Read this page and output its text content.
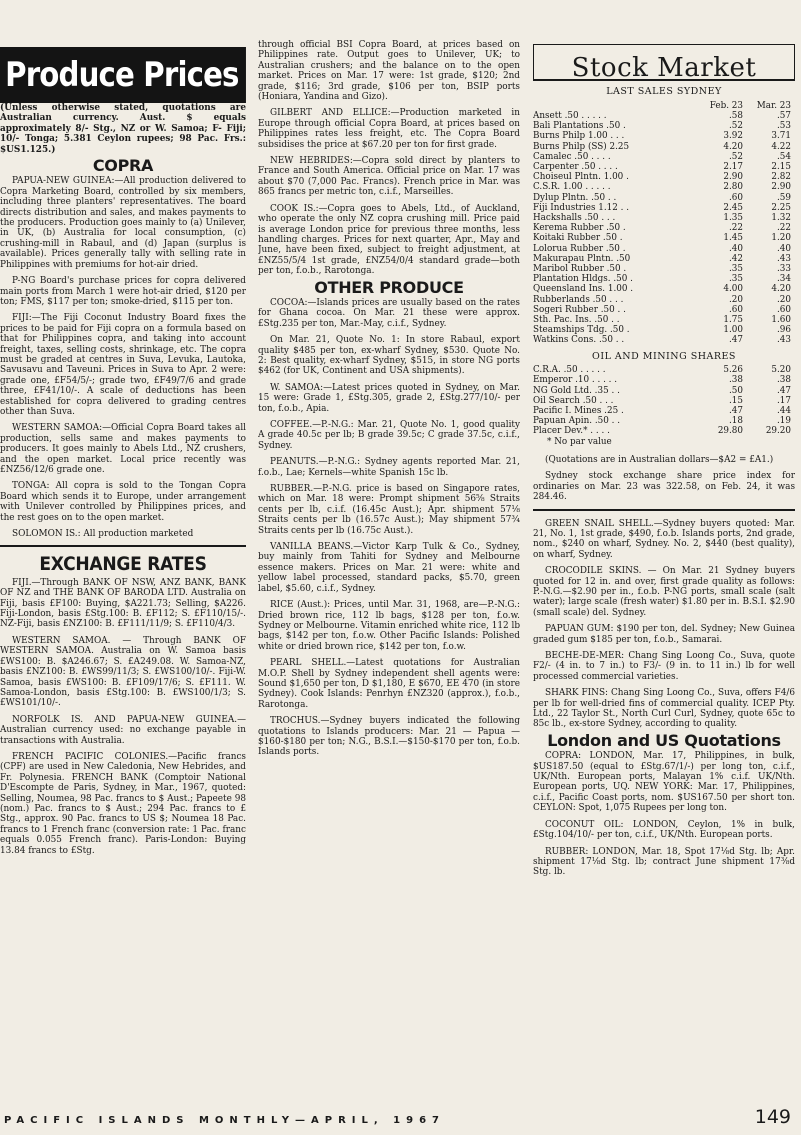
Produce Prices
(Unless otherwise stated, quotations are Australian currency. Aust. $ equals approximately 8/- Stg., NZ or W. Samoa; F- Fiji; 10/- Tonga; 5.381 Ceylon rupees; 98 Pac. Frs.: $US1.125.)
COPRA

PAPUA-NEW GUINEA:—All production delivered to Copra Marketing Board, controlled by six members, including three planters' representatives. The board directs distribution and sales, and makes payments to the producers. Production goes mainly to (a) Unilever, in UK, (b) Australia for local consumption, (c) crushing-mill in Rabaul, and (d) Japan (surplus is available). Prices generally tally with selling rate in Philippines with premiums for hot-air dried.

P-NG Board's purchase prices for copra delivered main ports from March 1 were hot-air dried, $120 per ton; FMS, $117 per ton; smoke-dried, $115 per ton.

FIJI:—The Fiji Coconut Industry Board fixes the prices to be paid for Fiji copra on a formula based on that for Philippines copra, and taking into account freight, taxes, selling costs, shrinkage, etc. The copra must be graded at centres in Suva, Levuka, Lautoka, Savusavu and Taveuni. Prices in Suva to Apr. 2 were: grade one, £F54/5/-; grade two, £F49/7/6 and grade three, £F41/10/-. A scale of deductions has been established for copra delivered to grading centres other than Suva.

WESTERN SAMOA:—Official Copra Board takes all production, sells same and makes payments to producers. It goes mainly to Abels Ltd., NZ crushers, and the open market. Local price recently was £NZ56/12/6 grade one.

TONGA: All copra is sold to the Tongan Copra Board which sends it to Europe, under arrangement with Unilever controlled by Philippines prices, and the rest goes on to the open market.

SOLOMON IS.: All production marketed

EXCHANGE RATES

FIJI.—Through BANK OF NSW, ANZ BANK, BANK OF NZ and THE BANK OF BARODA LTD. Australia on Fiji, basis £F100: Buying, $A221.73; Selling, $A226. Fiji-London, basis £Stg.100: B. £F112; S. £F110/15/-. NZ-Fiji, basis £NZ100: B. £F111/11/9; S. £F110/4/3.

WESTERN SAMOA. — Through BANK OF WESTERN SAMOA. Australia on W. Samoa basis £WS100: B. $A246.67; S. £A249.08. W. Samoa-NZ, basis £NZ100: B. £WS99/11/3; S. £WS100/10/-. Fiji-W. Samoa, basis £WS100: B. £F109/17/6; S. £F111. W. Samoa-London, basis £Stg.100: B. £WS100/1/3; S. £WS101/10/-.

NORFOLK IS. AND PAPUA-NEW GUINEA.—Australian currency used: no exchange payable in transactions with Australia.

FRENCH PACIFIC COLONIES.—Pacific francs (CPF) are used in New Caledonia, New Hebrides, and Fr. Polynesia. FRENCH BANK (Comptoir National D'Escompte de Paris, Sydney, in Mar., 1967, quoted: Selling, Noumea, 98 Pac. francs to $ Aust.; Papeete 98 (nom.) Pac. francs to $ Aust.; 294 Pac. francs to £ Stg., approx. 90 Pac. francs to US $; Noumea 18 Pac. francs to 1 French franc (conversion rate: 1 Pac. franc equals 0.055 French franc). Paris-London: Buying 13.84 francs to £Stg.

through official BSI Copra Board, at prices based on Philippines rate. Output goes to Unilever, UK; to Australian crushers; and the balance on to the open market. Prices on Mar. 17 were: 1st grade, $120; 2nd grade, $116; 3rd grade, $106 per ton, BSIP ports (Honiara, Yandina and Gizo).

GILBERT AND ELLICE:—Production marketed in Europe through official Copra Board, at prices based on Philippines rates less freight, etc. The Copra Board subsidises the price at $67.20 per ton for first grade.

NEW HEBRIDES:—Copra sold direct by planters to France and South America. Official price on Mar. 17 was about $70 (7,000 Pac. Francs). French price in Mar. was 865 francs per metric ton, c.i.f., Marseilles.

COOK IS.:—Copra goes to Abels, Ltd., of Auckland, who operate the only NZ copra crushing mill. Price paid is average London price for previous three months, less handling charges. Prices for next quarter, Apr., May and June, have been fixed, subject to freight adjustment, at £NZ55/5/4 1st grade, £NZ54/0/4 standard grade—both per ton, f.o.b., Rarotonga.

OTHER PRODUCE

COCOA:—Islands prices are usually based on the rates for Ghana cocoa. On Mar. 21 these were approx. £Stg.235 per ton, Mar.-May, c.i.f., Sydney.

On Mar. 21, Quote No. 1: In store Rabaul, export quality $485 per ton, ex-wharf Sydney, $530. Quote No. 2: Best quality, ex-wharf Sydney, $515, in store NG ports $462 (for UK, Continent and USA shipments).

W. SAMOA:—Latest prices quoted in Sydney, on Mar. 15 were: Grade 1, £Stg.305, grade 2, £Stg.277/10/- per ton, f.o.b., Apia.

COFFEE.—P.-N.G.: Mar. 21, Quote No. 1, good quality A grade 40.5c per lb; B grade 39.5c; C grade 37.5c, c.i.f., Sydney.

PEANUTS.—P.-N.G.: Sydney agents reported Mar. 21, f.o.b., Lae; Kernels—white Spanish 15c lb.

RUBBER.—P.-N.G. price is based on Singapore rates, which on Mar. 18 were: Prompt shipment 56⅝ Straits cents per lb, c.i.f. (16.45c Aust.); Apr. shipment 57⅛ Straits cents per lb (16.57c Aust.); May shipment 57¾ Straits cents per lb (16.75c Aust.).

VANILLA BEANS.—Victor Karp Tulk & Co., Sydney, buy mainly from Tahiti for Sydney and Melbourne essence makers. Prices on Mar. 21 were: white and yellow label processed, standard packs, $5.70, green label, $5.60, c.i.f., Sydney.

RICE (Aust.): Prices, until Mar. 31, 1968, are—P.-N.G.: Dried brown rice, 112 lb bags, $128 per ton, f.o.w. Sydney or Melbourne. Vitamin enriched white rice, 112 lb bags, $142 per ton, f.o.w. Other Pacific Islands: Polished white or dried brown rice, $142 per ton, f.o.w.

PEARL SHELL.—Latest quotations for Australian M.O.P. Shell by Sydney independent shell agents were: Sound $1,650 per ton, D $1,180, E $670, EE 470 (in store Sydney). Cook Islands: Penrhyn £NZ320 (approx.), f.o.b., Rarotonga.

TROCHUS.—Sydney buyers indicated the following quotations to Islands producers: Mar. 21 — Papua — $160-$180 per ton; N.G., B.S.I.—$150-$170 per ton, f.o.b. Islands ports.

Stock Market
LAST SALES SYDNEY
	Feb. 23	Mar. 23
Ansett .50 . . . . .	.58	.57
Bali Plantations .50 .	.52	.53
Burns Philp 1.00 . . .	3.92	3.71
Burns Philp (SS) 2.25	4.20	4.22
Camalec .50 . . . .	.52	.54
Carpenter .50 . . . .	2.17	2.15
Choiseul Plntn. 1.00 .	2.90	2.82
C.S.R. 1.00 . . . . .	2.80	2.90
Dylup Plntn. .50 . .	.60	.59
Fiji Industries 1.12 . .	2.45	2.25
Hackshalls .50 . . .	1.35	1.32
Kerema Rubber .50 .	.22	.22
Koitaki Rubber .50 .	1.45	1.20
Lolorua Rubber .50 .	.40	.40
Makurapau Plntn. .50	.42	.43
Maribol Rubber .50 .	.35	.33
Plantation Hldgs. .50 .	.35	.34
Queensland Ins. 1.00 .	4.00	4.20
Rubberlands .50 . . .	.20	.20
Sogeri Rubber .50 . .	.60	.60
Sth. Pac. Ins. .50 . .	1.75	1.60
Steamships Tdg. .50 .	1.00	.96
Watkins Cons. .50 . .	.47	.43
OIL AND MINING SHARES
C.R.A. .50 . . . . .	5.26	5.20
Emperor .10 . . . . .	.38	.38
NG Gold Ltd. .35 . .	.50	.47
Oil Search .50 . . .	.15	.17
Pacific I. Mines .25 .	.47	.44
Papuan Apin. .50 . .	.18	.19
Placer Dev.* . . . .	29.80	29.20
* No par value

(Quotations are in Australian dollars—$A2 = £A1.)

Sydney stock exchange share price index for ordinaries on Mar. 23 was 322.58, on Feb. 24, it was 284.46.

GREEN SNAIL SHELL.—Sydney buyers quoted: Mar. 21, No. 1, 1st grade, $490, f.o.b. Islands ports, 2nd grade, nom., $240 on wharf, Sydney. No. 2, $440 (best quality), on wharf, Sydney.

CROCODILE SKINS. — On Mar. 21 Sydney buyers quoted for 12 in. and over, first grade quality as follows: P.-N.G.—$2.90 per in., f.o.b. P-NG ports, small scale (salt water); large scale (fresh water) $1.80 per in. B.S.I. $2.90 (small scale) del. Sydney.

PAPUAN GUM: $190 per ton, del. Sydney; New Guinea graded gum $185 per ton, f.o.b., Samarai.

BECHE-DE-MER: Chang Sing Loong Co., Suva, quote F2/- (4 in. to 7 in.) to F3/- (9 in. to 11 in.) lb for well processed commercial varieties.

SHARK FINS: Chang Sing Loong Co., Suva, offers F4/6 per lb for well-dried fins of commercial quality. ICEP Pty. Ltd., 22 Taylor St., North Curl Curl, Sydney, quote 65c to 85c lb., ex-store Sydney, according to quality.

London and US Quotations

COPRA: LONDON, Mar. 17, Philippines, in bulk, $US187.50 (equal to £Stg.67/1/-) per long ton, c.i.f., UK/Nth. European ports, Malayan 1% c.i.f. UK/Nth. European ports, UQ. NEW YORK: Mar. 17, Philippines, c.i.f., Pacific Coast ports, nom. $US167.50 per short ton. CEYLON: Spot, 1,075 Rupees per long ton.

COCONUT OIL: LONDON, Ceylon, 1% in bulk, £Stg.104/10/- per ton, c.i.f., UK/Nth. European ports.

RUBBER: LONDON, Mar. 18, Spot 17⅛d Stg. lb; Apr. shipment 17⅛d Stg. lb; contract June shipment 17⅜d Stg. lb.

PACIFIC ISLANDS MONTHLY—APRIL, 1967	149
